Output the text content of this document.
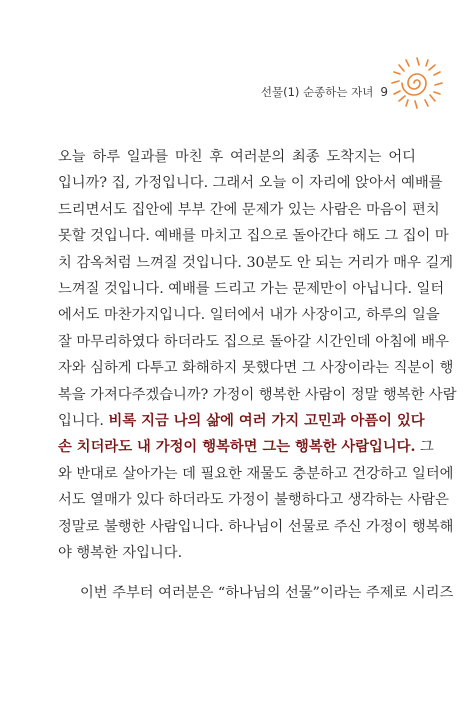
선물(1) 순종하는 자녀 9
오늘 하루 일과를 마친 후 여러분의 최종 도착지는 어디
입니까? 집, 가정입니다. 그래서 오늘 이 자리에 앉아서 예배를
드리면서도 집안에 부부 간에 문제가 있는 사람은 마음이 편치
못할 것입니다. 예배를 마치고 집으로 돌아간다 해도 그 집이 마
치 감옥처럼 느껴질 것입니다. 30분도 안 되는 거리가 매우 길게
느껴질 것입니다. 예배를 드리고 가는 문제만이 아닙니다. 일터
에서도 마찬가지입니다. 일터에서 내가 사장이고, 하루의 일을
잘 마무리하였다 하더라도 집으로 돌아갈 시간인데 아침에 배우
자와 심하게 다투고 화해하지 못했다면 그 사장이라는 직분이 행
복을 가져다주겠습니까? 가정이 행복한 사람이 정말 행복한 사람
입니다. 비록 지금 나의 삶에 여러 가지 고민과 아픔이 있다
손 치더라도 내 가정이 행복하면 그는 행복한 사람입니다. 그
와 반대로 살아가는 데 필요한 재물도 충분하고 건강하고 일터에
서도 열매가 있다 하더라도 가정이 불행하다고 생각하는 사람은
정말로 불행한 사람입니다. 하나님이 선물로 주신 가정이 행복해
야 행복한 자입니다.
이번 주부터 여러분은 “하나님의 선물”이라는 주제로 시리즈
